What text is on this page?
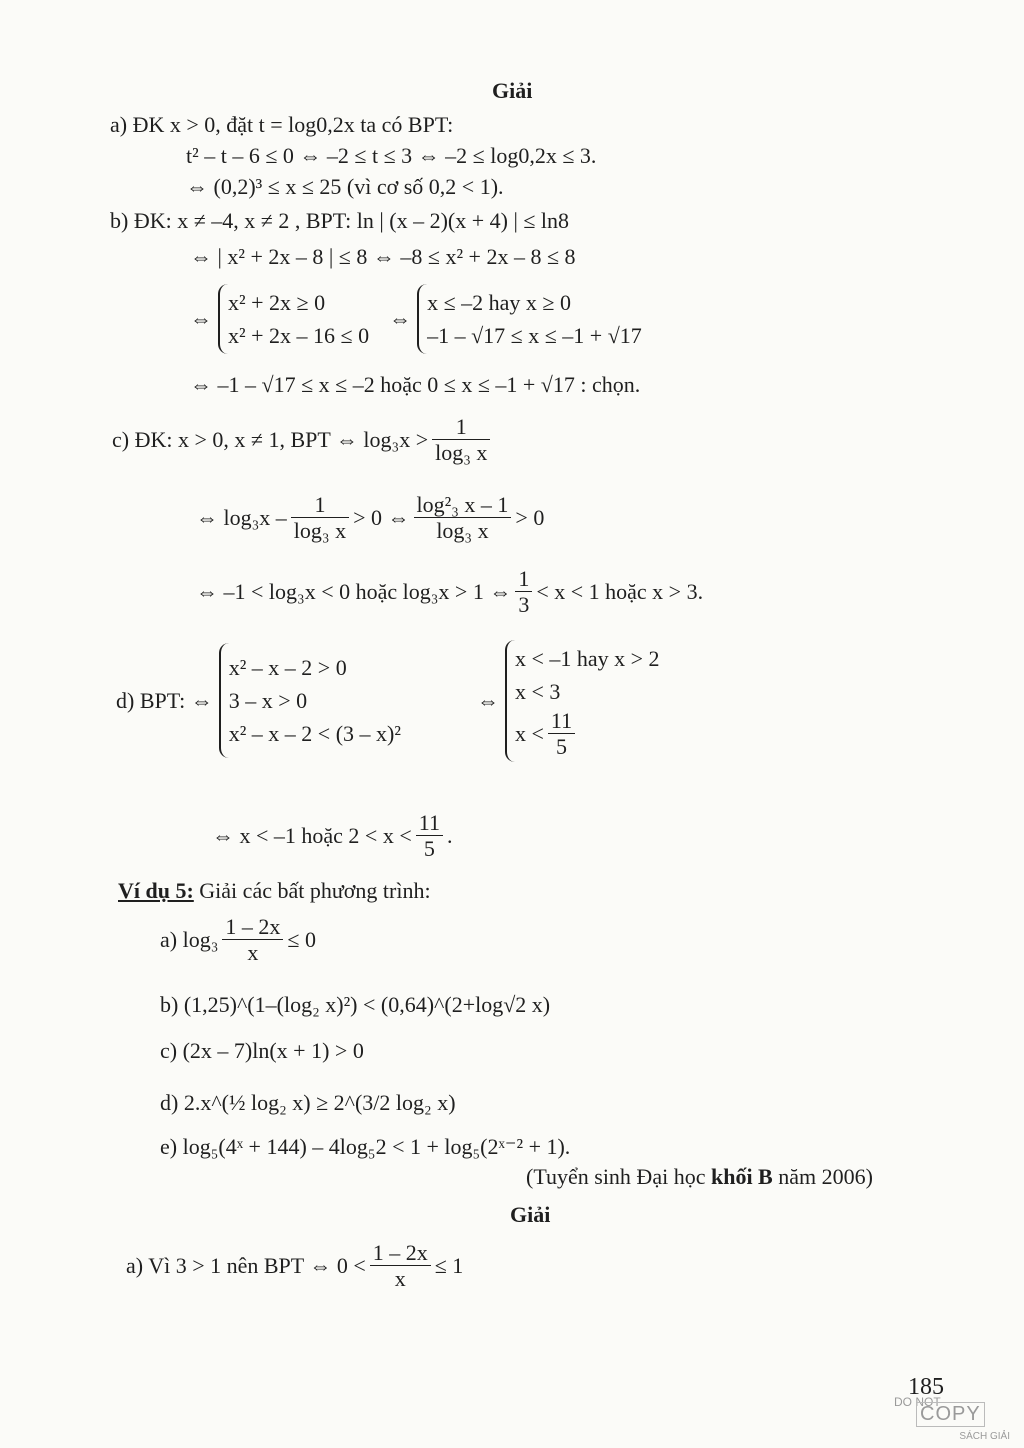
Giải
a) ĐK x > 0, đặt t = log0,2x ta có BPT:
t² – t – 6 ≤ 0 ⇔ –2 ≤ t ≤ 3 ⇔ –2 ≤ log0,2x ≤ 3.
⇔ (0,2)³ ≤ x ≤ 25 (vì cơ số 0,2 < 1).
b) ĐK: x ≠ –4, x ≠ 2 , BPT: ln | (x – 2)(x + 4) | ≤ ln8
⇔ | x² + 2x – 8 | ≤ 8 ⇔ –8 ≤ x² + 2x – 8 ≤ 8
⇔
x² + 2x ≥ 0
x² + 2x – 16 ≤ 0
⇔
x ≤ –2 hay x ≥ 0
–1 – √17 ≤ x ≤ –1 + √17
⇔ –1 – √17 ≤ x ≤ –2 hoặc 0 ≤ x ≤ –1 + √17 : chọn.
c) ĐK: x > 0, x ≠ 1, BPT ⇔ $\log_3x > \frac{1}{\text{log₃ x}}$
⇔ $\log_3x - \frac{1}{\text{log₃ x}} > 0$ ⇔ $\frac{\text{log²₃ x – 1}}{\text{log₃ x}} > 0$
⇔ –1 < log₃x < 0 hoặc log₃x > 1 ⇔ $\frac{1}{3} < x < 1$ hoặc x > 3.
d) BPT: ⇔
x² – x – 2 > 0
3 – x > 0
x² – x – 2 < (3 – x)²
⇔
x < –1 hay x > 2
x < 3
$x < \frac{11}{5}$
⇔ x < –1 hoặc $2 < x < \frac{11}{5}$ .
Ví dụ 5: Giải các bất phương trình:
a) $\log_3 \frac{1 - 2x}{x} \le 0$
b) (1,25)^(1–(log₂ x)²) < (0,64)^(2+log√2 x)
c) (2x – 7)ln(x + 1) > 0
d) 2.x^(½ log₂ x) ≥ 2^(3/2 log₂ x)
e) log₅(4ˣ + 144) – 4log₅2 < 1 + log₅(2ˣ⁻² + 1).
(Tuyển sinh Đại học khối B năm 2006)
Giải
a) Vì 3 > 1 nên BPT ⇔ $0 < \frac{1 - 2x}{x} \le 1$
185
DO NOT
COPY
SÁCH GIẢI
